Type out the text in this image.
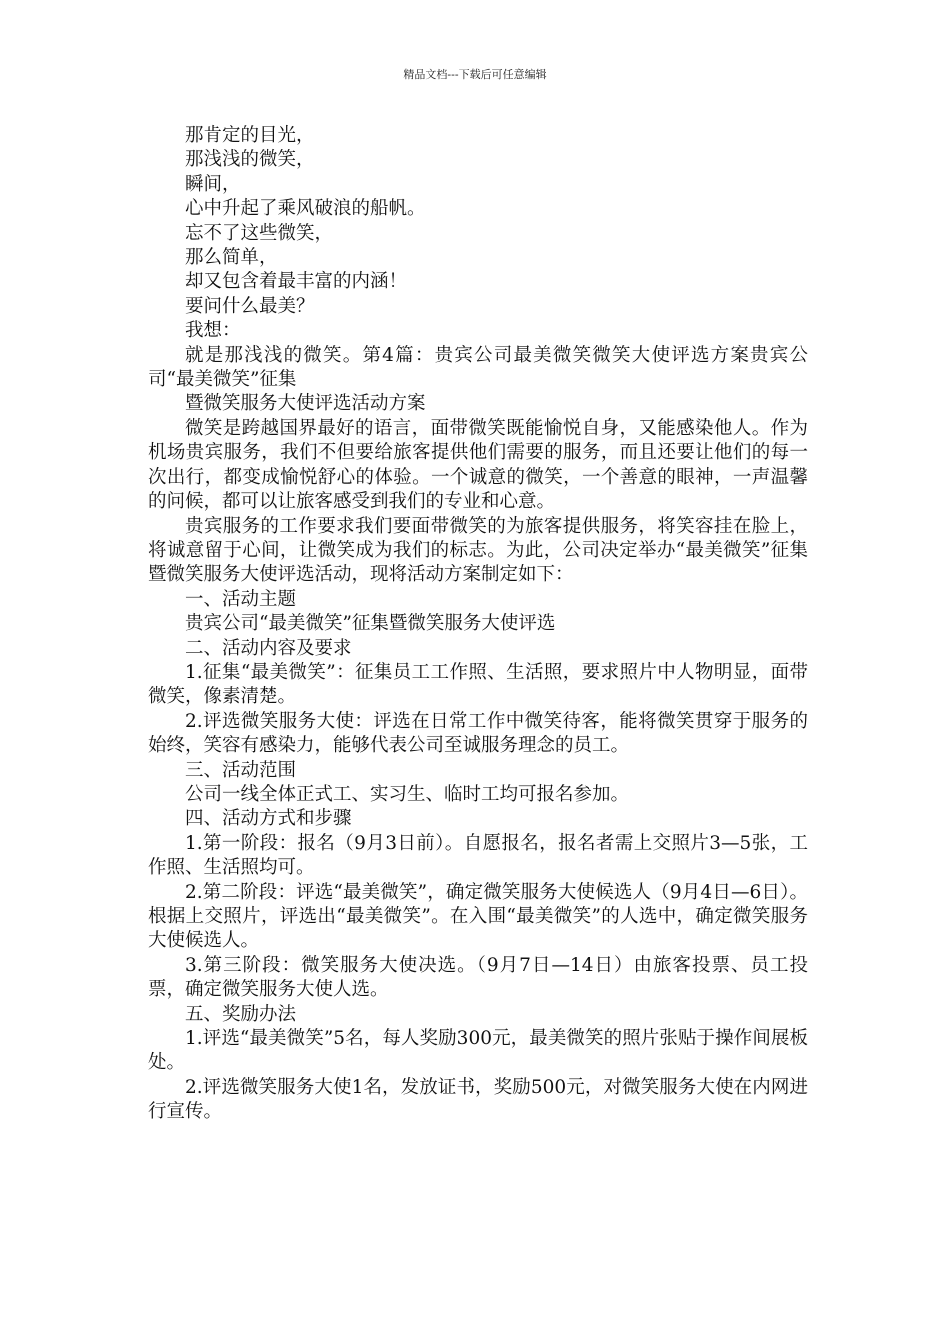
精品文档---下载后可任意编辑

那肯定的目光，

那浅浅的微笑，

瞬间，

心中升起了乘风破浪的船帆。

忘不了这些微笑，

那么简单，

却又包含着最丰富的内涵！

要问什么最美？

我想：

就是那浅浅的微笑。第4篇：贵宾公司最美微笑微笑大使评选方案贵宾公司“最美微笑”征集

暨微笑服务大使评选活动方案

微笑是跨越国界最好的语言，面带微笑既能愉悦自身，又能感染他人。作为机场贵宾服务，我们不但要给旅客提供他们需要的服务，而且还要让他们的每一次出行，都变成愉悦舒心的体验。一个诚意的微笑，一个善意的眼神，一声温馨的问候，都可以让旅客感受到我们的专业和心意。

贵宾服务的工作要求我们要面带微笑的为旅客提供服务，将笑容挂在脸上，将诚意留于心间，让微笑成为我们的标志。为此，公司决定举办“最美微笑”征集暨微笑服务大使评选活动，现将活动方案制定如下：

一、活动主题

贵宾公司“最美微笑”征集暨微笑服务大使评选

二、活动内容及要求

1.征集“最美微笑”：征集员工工作照、生活照，要求照片中人物明显，面带微笑，像素清楚。

2.评选微笑服务大使：评选在日常工作中微笑待客，能将微笑贯穿于服务的始终，笑容有感染力，能够代表公司至诚服务理念的员工。

三、活动范围

公司一线全体正式工、实习生、临时工均可报名参加。

四、活动方式和步骤

1.第一阶段：报名（9月3日前）。自愿报名，报名者需上交照片3—5张，工作照、生活照均可。

2.第二阶段：评选“最美微笑”，确定微笑服务大使候选人（9月4日—6日）。根据上交照片，评选出“最美微笑”。在入围“最美微笑”的人选中，确定微笑服务大使候选人。

3.第三阶段：微笑服务大使决选。（9月7日—14日）由旅客投票、员工投票，确定微笑服务大使人选。

五、奖励办法

1.评选“最美微笑”5名，每人奖励300元，最美微笑的照片张贴于操作间展板处。

2.评选微笑服务大使1名，发放证书，奖励500元，对微笑服务大使在内网进行宣传。
